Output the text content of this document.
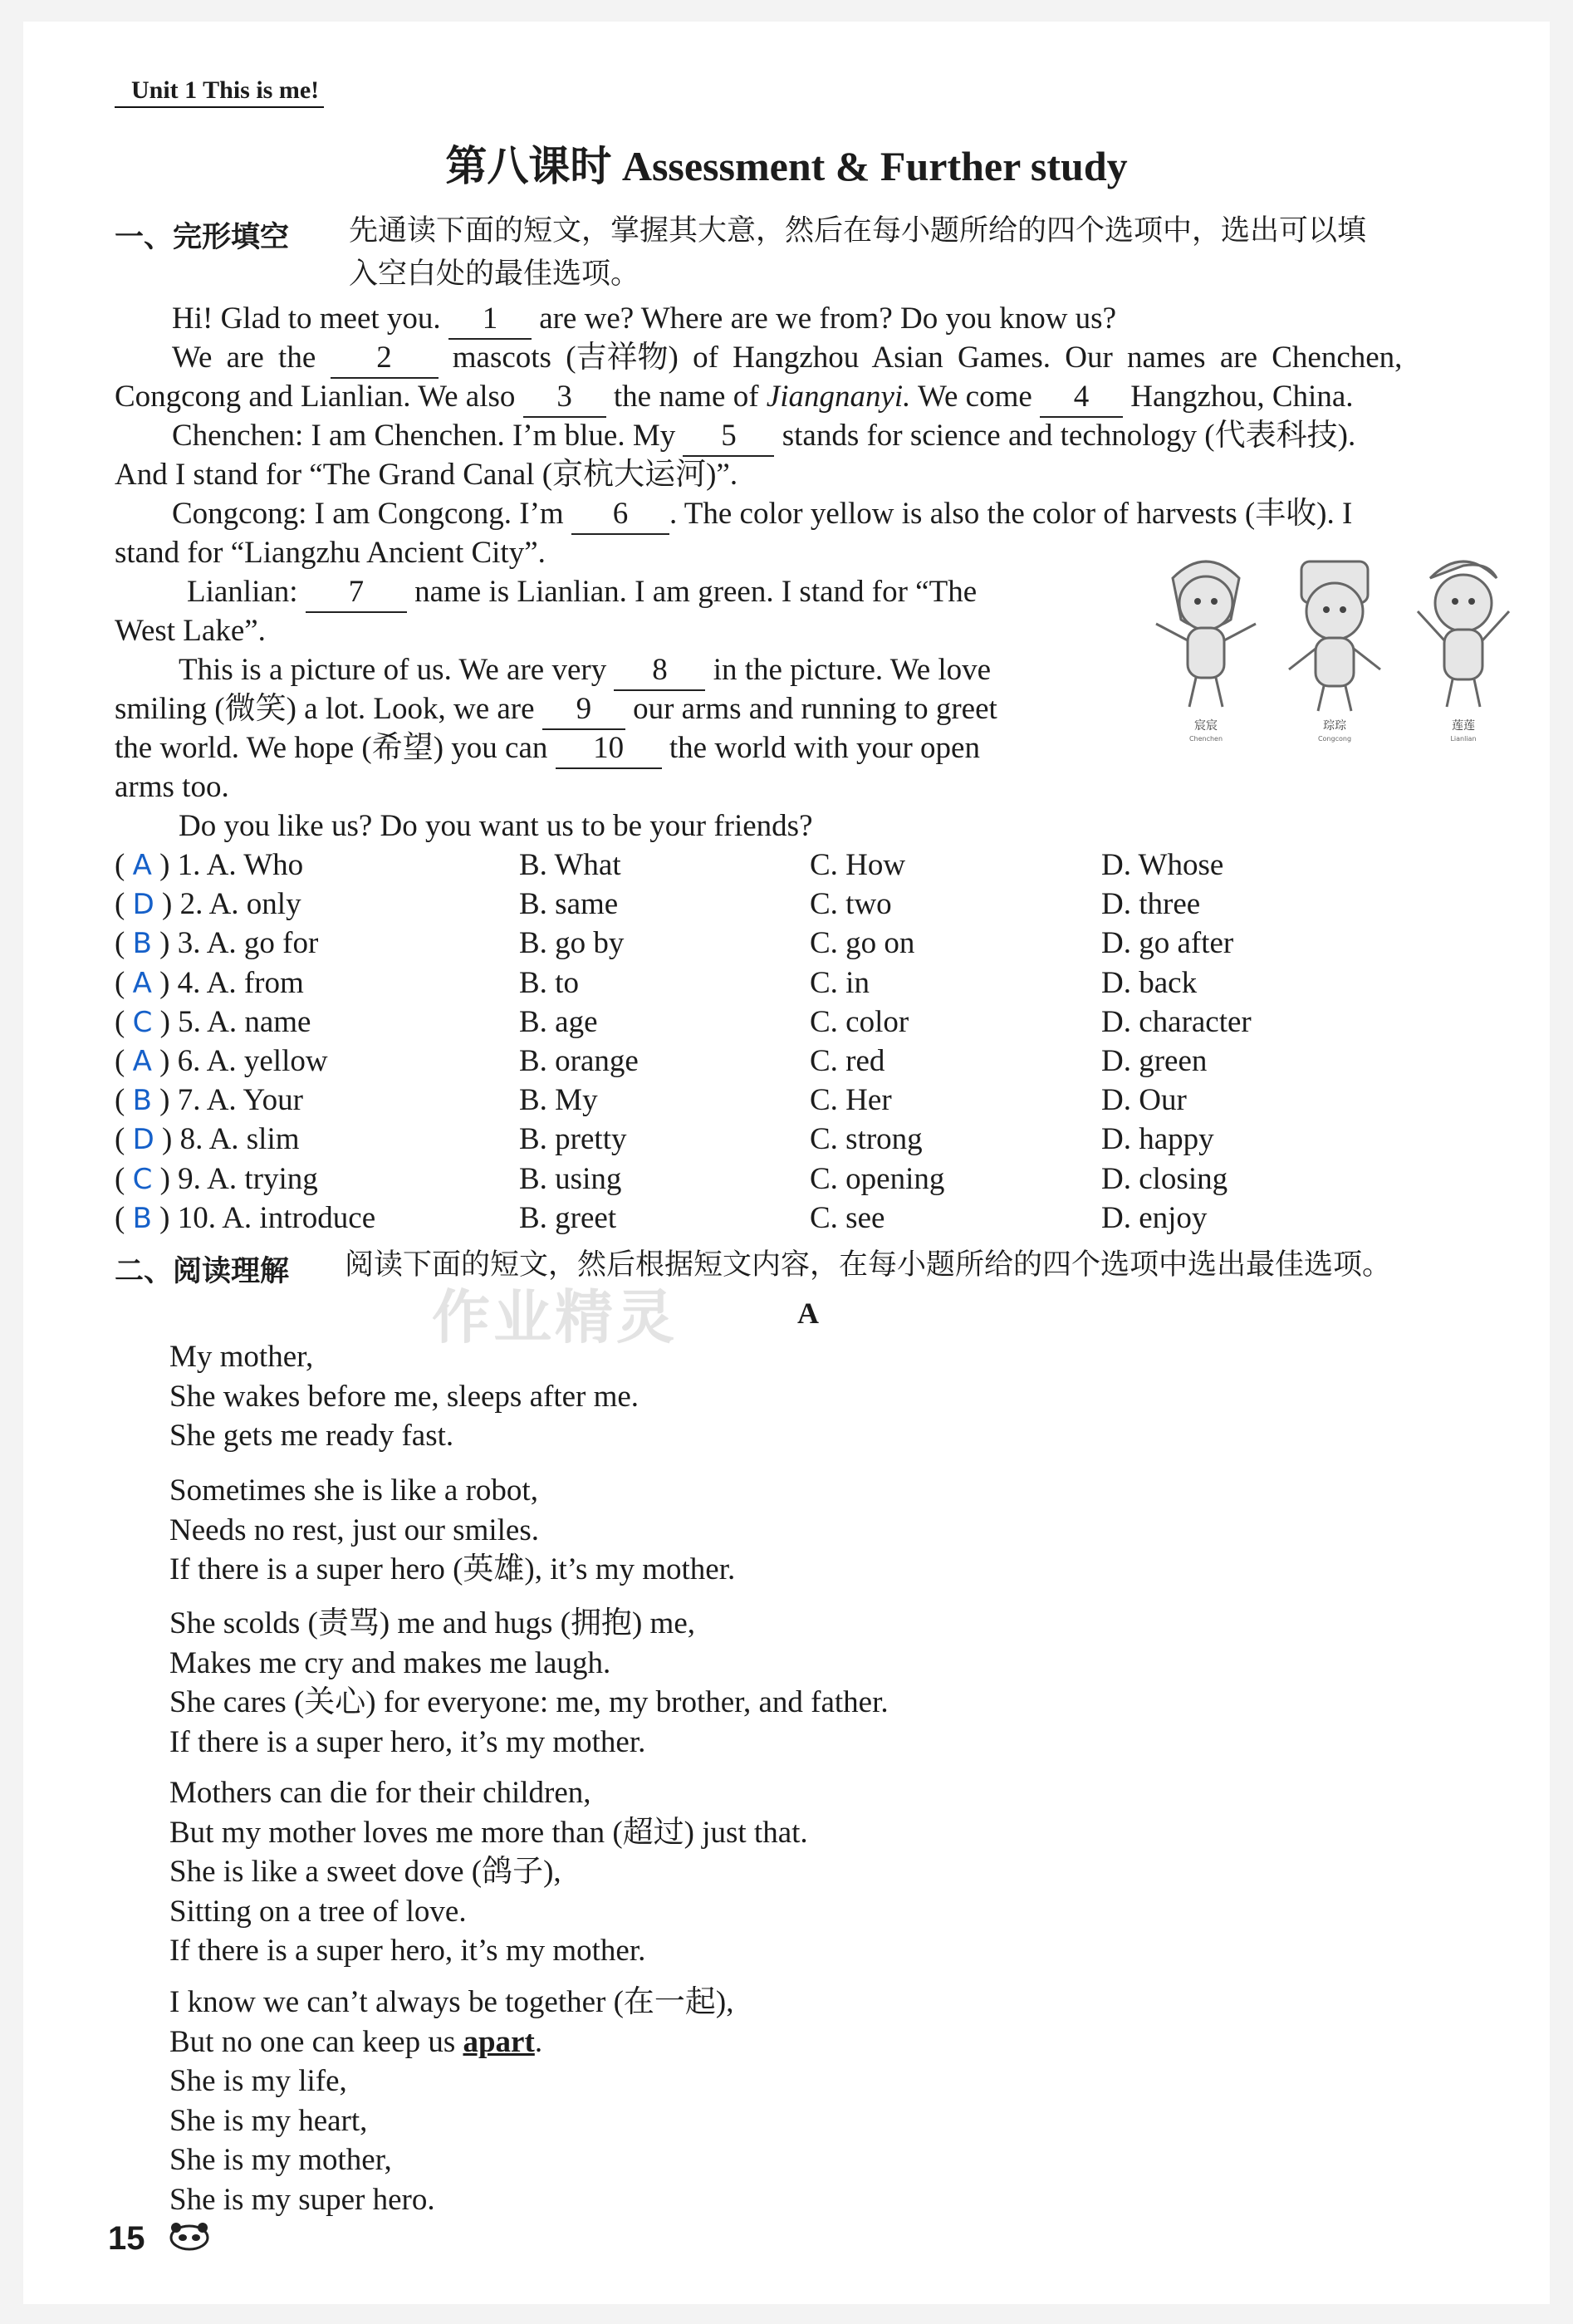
Unit 1 This is me!
第八课时 Assessment & Further study
一、完形填空 先通读下面的短文，掌握其大意，然后在每小题所给的四个选项中，选出可以填
入空白处的最佳选项。
Hi! Glad to meet you. 1 are we? Where are we from? Do you know us?
We are the 2 mascots (吉祥物) of Hangzhou Asian Games. Our names are Chenchen,
Congcong and Lianlian. We also 3 the name of Jiangnanyi. We come 4 Hangzhou, China.
Chenchen: I am Chenchen. I’m blue. My 5 stands for science and technology (代表科技).
And I stand for “The Grand Canal (京杭大运河)”.
Congcong: I am Congcong. I’m 6 . The color yellow is also the color of harvests (丰收). I
stand for “Liangzhu Ancient City”.
Lianlian: 7 name is Lianlian. I am green. I stand for “The
West Lake”.
This is a picture of us. We are very 8 in the picture. We love
smiling (微笑) a lot. Look, we are 9 our arms and running to greet
the world. We hope (希望) you can 10 the world with your open
arms too.
Do you like us? Do you want us to be your friends?
宸宸
Chenchen
琮琮
Congcong
莲莲
Lianlian
( A ) 1. A. Who	B. What	C. How	D. Whose
( D ) 2. A. only	B. same	C. two	D. three
( B ) 3. A. go for	B. go by	C. go on	D. go after
( A ) 4. A. from	B. to	C. in	D. back
( C ) 5. A. name	B. age	C. color	D. character
( A ) 6. A. yellow	B. orange	C. red	D. green
( B ) 7. A. Your	B. My	C. Her	D. Our
( D ) 8. A. slim	B. pretty	C. strong	D. happy
( C ) 9. A. trying	B. using	C. opening	D. closing
( B ) 10. A. introduce	B. greet	C. see	D. enjoy
二、阅读理解 阅读下面的短文，然后根据短文内容，在每小题所给的四个选项中选出最佳选项。
作业精灵	A
My mother,
She wakes before me, sleeps after me.
She gets me ready fast.
Sometimes she is like a robot,
Needs no rest, just our smiles.
If there is a super hero (英雄), it’s my mother.
She scolds (责骂) me and hugs (拥抱) me,
Makes me cry and makes me laugh.
She cares (关心) for everyone: me, my brother, and father.
If there is a super hero, it’s my mother.
Mothers can die for their children,
But my mother loves me more than (超过) just that.
She is like a sweet dove (鸽子),
Sitting on a tree of love.
If there is a super hero, it’s my mother.
I know we can’t always be together (在一起),
But no one can keep us apart.
She is my life,
She is my heart,
She is my mother,
She is my super hero.
15
